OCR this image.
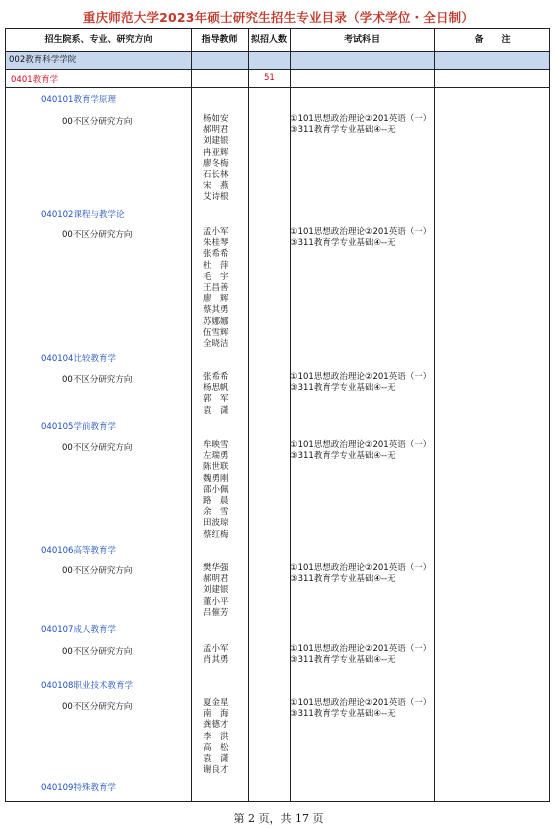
重庆师范大学2023年硕士研究生招生专业目录（学术学位・全日制）
招生院系、专业、研究方向	指导教师	拟招人数	考试科目	备　　注
002教育科学学院
0401教育学	51
040101教育学原理
00不区分研究方向	杨如安
郝明君
刘建银
冉亚辉
廖冬梅
石长林
宋　燕
艾诗根
①101思想政治理论②201英语（一）③311教育学专业基础④--无
040102课程与教学论
00不区分研究方向	孟小军
朱桂琴
张希希
杜　萍
毛　宇
王昌善
廖　辉
蔡其勇
苏娜娜
伍雪辉
全晓洁
①101思想政治理论②201英语（一）③311教育学专业基础④--无
040104比较教育学
00不区分研究方向	张希希
杨思帆
郭　军
袁　潇
①101思想政治理论②201英语（一）③311教育学专业基础④--无
040105学前教育学
00不区分研究方向	牟映雪
左瑞勇
陈世联
魏勇刚
邵小佩
路　晨
余　雪
田波琼
蔡红梅
①101思想政治理论②201英语（一）③311教育学专业基础④--无
040106高等教育学
00不区分研究方向	樊华强
郝明君
刘建银
董小平
吕催芳
①101思想政治理论②201英语（一）③311教育学专业基础④--无
040107成人教育学
00不区分研究方向	孟小军
肖其勇
①101思想政治理论②201英语（一）③311教育学专业基础④--无
040108职业技术教育学
00不区分研究方向	夏金星
南　海
龚德才
李　洪
高　松
袁　潇
谢良才
①101思想政治理论②201英语（一）③311教育学专业基础④--无
040109特殊教育学
第 2 页，共 17 页
